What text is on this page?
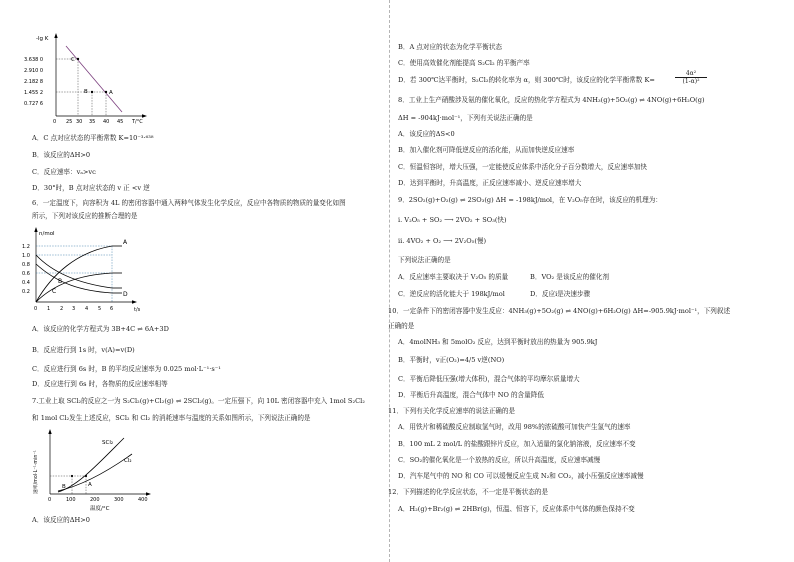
-lg K
3.638 0
2.910 0
2.182 8
1.455 2
0.727 6
C
B	A
0 25 30 35 40 45 T/°C
A．C 点对应状态的平衡常数 K=10⁻³·⁶³⁸
B．该反应的ΔH>0
C．反应速率：vₐ>vᴄ
D．30°时，B 点对应状态的 v 正 <v 逆
6．一定温度下，向容积为 4L 的密闭容器中通入两种气体发生化学反应，反应中各物质的物质的量变化如图
所示，下列对该反应的推断合理的是
n/mol
1.2
1.0
0.8
0.6
0.4
0.2
A
B
C	D
0 1 2 3 4 5 6	t/s
A．该反应的化学方程式为 3B+4C ⇌ 6A+3D
B．反应进行到 1s 时，v(A)=v(D)
C．反应进行到 6s 时，B 的平均反应速率为 0.025 mol·L⁻¹·s⁻¹
D．反应进行到 6s 时，各物质的反应速率相等
7.工业上取 SCl₂的反应之一为 S₂Cl₂(g)+Cl₂(g) ⇌ 2SCl₂(g)。一定压强下，向 10L 密闭容器中充入 1mol S₂Cl₂
和 1mol Cl₂发生上述反应，SCl₂ 和 Cl₂ 的消耗速率与温度的关系如图所示，下列说法正确的是
速率/mol·L⁻¹·min⁻¹
SCl₂
Cl₂
B	A
0	100	200	300	400
温度/°C
A．该反应的ΔH>0
B．A 点对应的状态为化学平衡状态
C．使用高效催化剂能提高 S₂Cl₂ 的平衡产率
D．若 300℃达平衡时，S₂Cl₂的转化率为 α，则 300℃时，该反应的化学平衡常数 K=	$\frac{\text{4α²}}{\text{(1-α)²}}$
8．工业上生产硝酸涉及氨的催化氧化，反应的热化学方程式为 4NH₃(g)+5O₂(g) ⇌ 4NO(g)+6H₂O(g)
ΔH = -904kJ·mol⁻¹，下列有关说法正确的是
A．该反应的ΔS<0
B．加入催化剂可降低逆反应的活化能，从而加快逆反应速率
C．恒温恒容时，增大压强，一定能使反应体系中活化分子百分数增大，反应速率加快
D．达到平衡时，升高温度，正反应速率减小、逆反应速率增大
9．2SO₂(g)+O₂(g) ⇌ 2SO₃(g) ΔH = -198kJ/mol，在 V₂O₅存在时，该反应的机理为：
i. V₂O₅ + SO₂ ⟶ 2VO₂ + SO₃(快)
ii. 4VO₂ + O₂ ⟶ 2V₂O₅(慢)
下列说法正确的是
A．反应速率主要取决于 V₂O₅ 的质量	B．VO₂ 是该反应的催化剂
C．逆反应的活化能大于 198kJ/mol	D．反应ⅰ是决速步骤
10．一定条件下的密闭容器中发生反应：4NH₃(g)+5O₂(g) ⇌ 4NO(g)+6H₂O(g) ΔH=-905.9kJ·mol⁻¹，下列叙述
正确的是
A．4molNH₃ 和 5molO₂ 反应，达到平衡时放出的热量为 905.9kJ
B．平衡时，v正(O₂)=4/5 v逆(NO)
C．平衡后降低压强(增大体积)，混合气体的平均摩尔质量增大
D．平衡后升高温度，混合气体中 NO 的含量降低
11．下列有关化学反应速率的说法正确的是
A．用铁片和稀硫酸反应制取氢气时，改用 98%的浓硫酸可加快产生氢气的速率
B．100 mL 2 mol/L 的盐酸跟锌片反应，加入适量的氯化钠溶液，反应速率不变
C．SO₂的催化氧化是一个放热的反应，所以升高温度，反应速率减慢
D．汽车尾气中的 NO 和 CO 可以缓慢反应生成 N₂和 CO₂，减小压强反应速率减慢
12．下列描述的化学反应状态，不一定是平衡状态的是
A．H₂(g)+Br₂(g) ⇌ 2HBr(g)，恒温、恒容下，反应体系中气体的颜色保持不变
